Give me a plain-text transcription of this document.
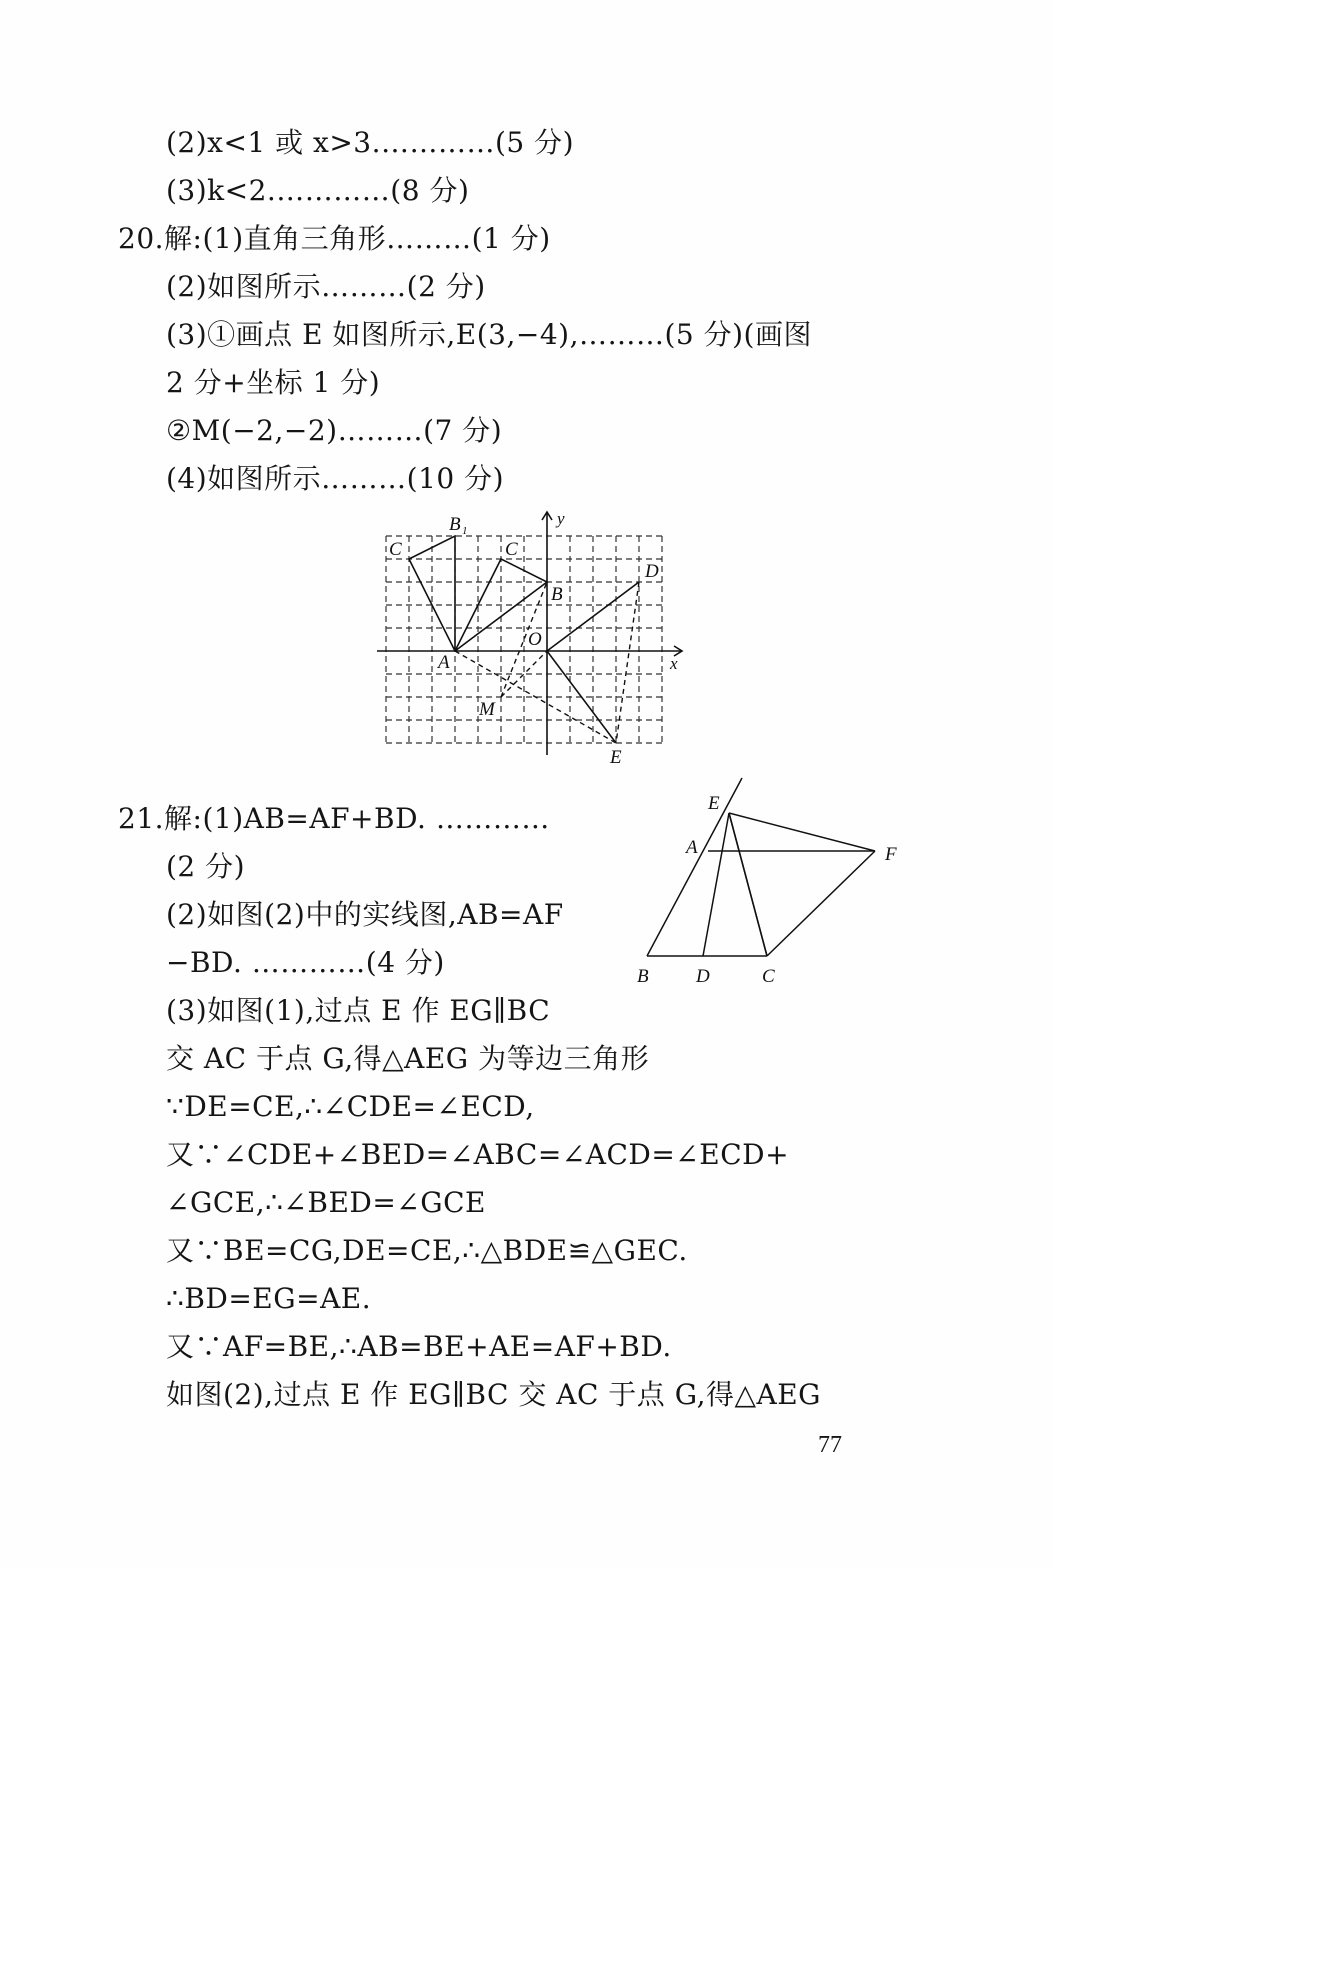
(2)x<1 或 x>3.…………(5 分)
(3)k<2.…………(8 分)
20.解:(1)直角三角形………(1 分)
(2)如图所示………(2 分)
(3)①画点 E 如图所示,E(3,−4),………(5 分)(画图
2 分+坐标 1 分)
②M(−2,−2)………(7 分)
(4)如图所示………(10 分)
B 1
C	C
y
D
B
O
A	x
M
E
21.解:(1)AB=AF+BD. …………
(2 分)
(2)如图(2)中的实线图,AB=AF
−BD. …………(4 分)
(3)如图(1),过点 E 作 EG∥BC
交 AC 于点 G,得△AEG 为等边三角形
∵DE=CE,∴∠CDE=∠ECD,
又∵∠CDE+∠BED=∠ABC=∠ACD=∠ECD+
∠GCE,∴∠BED=∠GCE
又∵BE=CG,DE=CE,∴△BDE≌△GEC.
∴BD=EG=AE.
又∵AF=BE,∴AB=BE+AE=AF+BD.
如图(2),过点 E 作 EG∥BC 交 AC 于点 G,得△AEG
E
A	F
B D	C
77
